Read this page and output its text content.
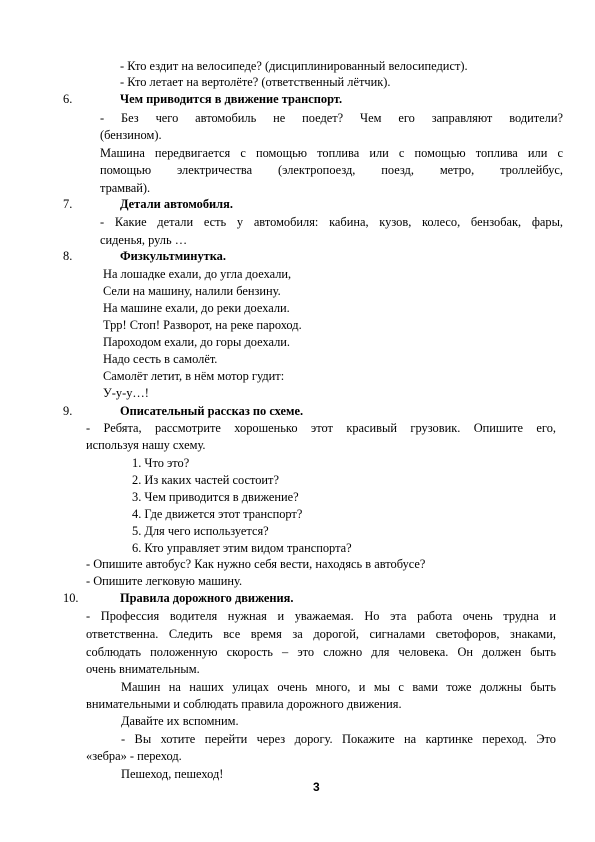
- Кто ездит на велосипеде? (дисциплинированный велосипедист).
- Кто летает на вертолёте? (ответственный лётчик).
6.	Чем приводится в движение транспорт.
- Без чего автомобиль не поедет? Чем его заправляют водители?
(бензином).
Машина передвигается с помощью топлива или с помощью топлива или с
помощью электричества (электропоезд, поезд, метро, троллейбус,
трамвай).
7.	Детали автомобиля.
- Какие детали есть у автомобиля: кабина, кузов, колесо, бензобак, фары,
сиденья, руль …
8.	Физкультминутка.
На лошадке ехали, до угла доехали,
Сели на машину, налили бензину.
На машине ехали, до реки доехали.
Трр! Стоп! Разворот, на реке пароход.
Пароходом ехали, до горы доехали.
Надо сесть в самолёт.
Самолёт летит, в нём мотор гудит:
У-у-у…!
9.	Описательный рассказ по схеме.
- Ребята, рассмотрите хорошенько этот красивый грузовик. Опишите его,
используя нашу схему.
1. Что это?
2. Из каких частей состоит?
3. Чем приводится в движение?
4. Где движется этот транспорт?
5. Для чего используется?
6. Кто управляет этим видом транспорта?
- Опишите автобус? Как нужно себя вести, находясь в автобусе?
- Опишите легковую машину.
10.	Правила дорожного движения.
- Профессия водителя нужная и уважаемая. Но эта работа очень трудна и
ответственна. Следить все время за дорогой, сигналами светофоров, знаками,
соблюдать положенную скорость – это сложно для человека. Он должен быть
очень внимательным.
Машин на наших улицах очень много, и мы с вами тоже должны быть
внимательными и соблюдать правила дорожного движения.
Давайте их вспомним.
- Вы хотите перейти через дорогу. Покажите на картинке переход. Это
«зебра» - переход.
Пешеход, пешеход!
3
